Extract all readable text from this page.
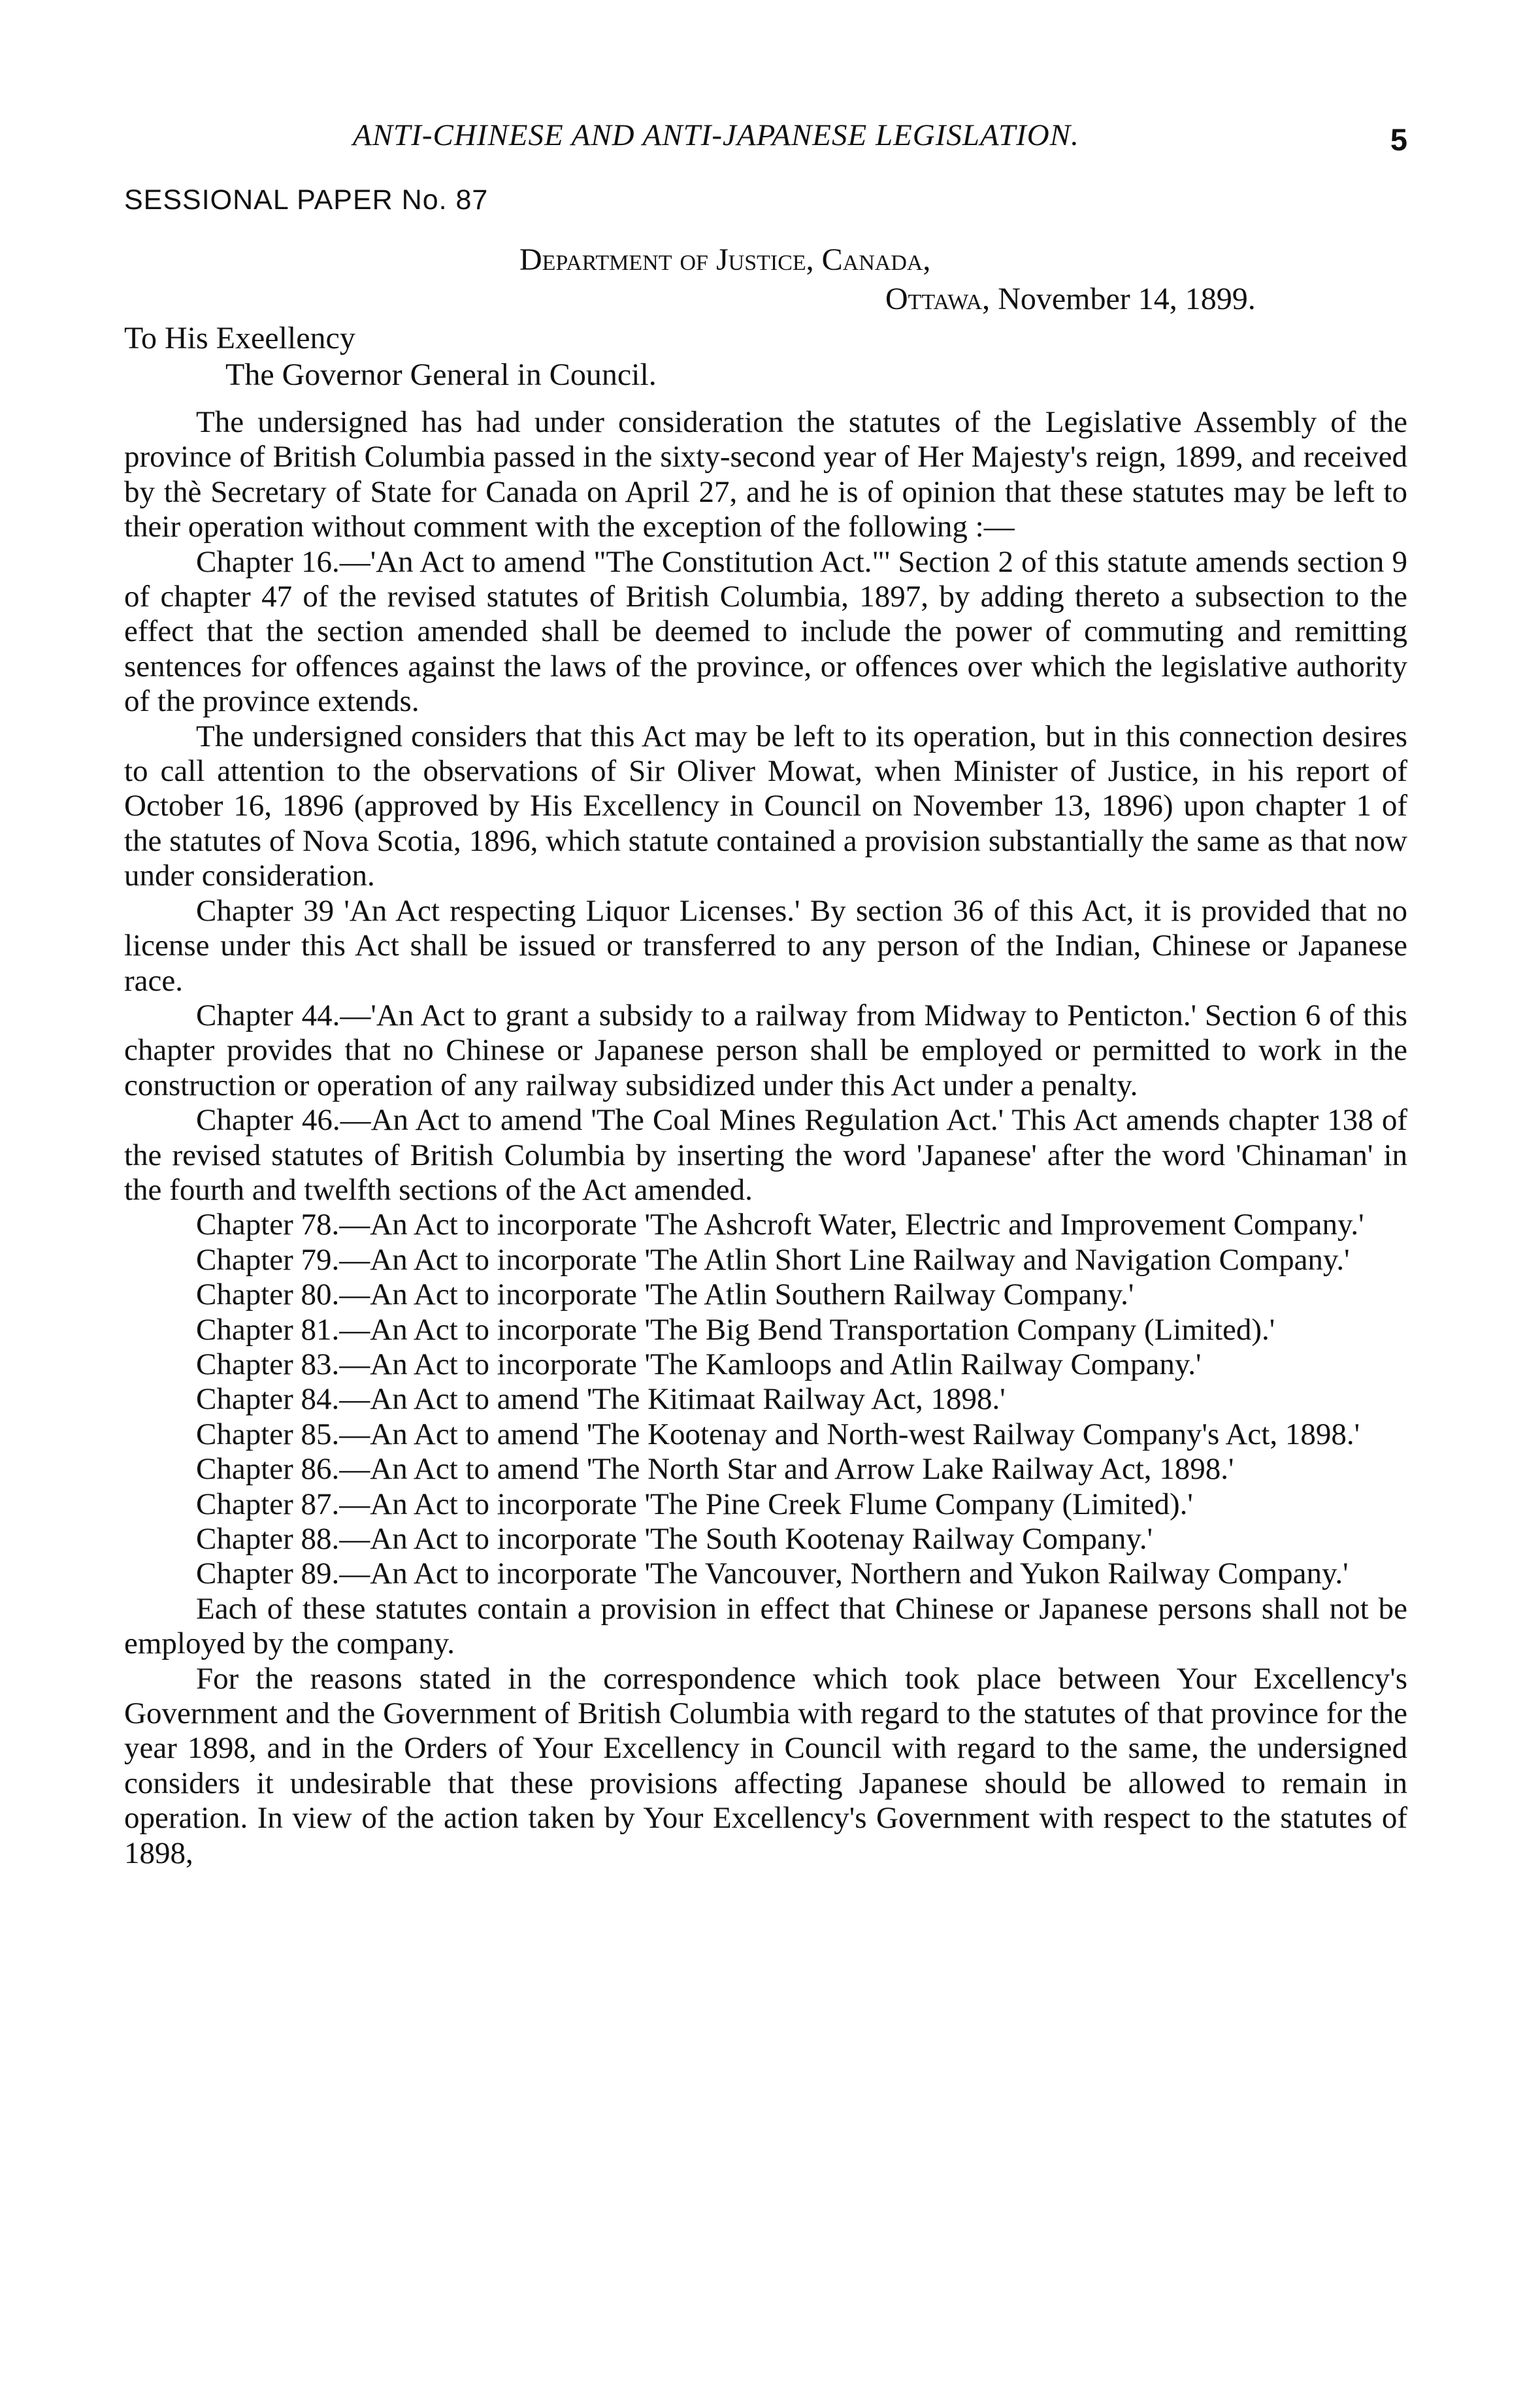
ANTI-CHINESE AND ANTI-JAPANESE LEGISLATION.	5
SESSIONAL PAPER No. 87
Department of Justice, Canada,
Ottawa, November 14, 1899.
To His Exeellency
The Governor General in Council.

The undersigned has had under consideration the statutes of the Legislative Assembly of the province of British Columbia passed in the sixty-second year of Her Majesty's reign, 1899, and received by thè Secretary of State for Canada on April 27, and he is of opinion that these statutes may be left to their operation without comment with the exception of the following :—

Chapter 16.—'An Act to amend "The Constitution Act."' Section 2 of this statute amends section 9 of chapter 47 of the revised statutes of British Columbia, 1897, by adding thereto a subsection to the effect that the section amended shall be deemed to include the power of commuting and remitting sentences for offences against the laws of the province, or offences over which the legislative authority of the province extends.

The undersigned considers that this Act may be left to its operation, but in this connection desires to call attention to the observations of Sir Oliver Mowat, when Minister of Justice, in his report of October 16, 1896 (approved by His Excellency in Council on November 13, 1896) upon chapter 1 of the statutes of Nova Scotia, 1896, which statute contained a provision substantially the same as that now under consideration.

Chapter 39 'An Act respecting Liquor Licenses.' By section 36 of this Act, it is provided that no license under this Act shall be issued or transferred to any person of the Indian, Chinese or Japanese race.

Chapter 44.—'An Act to grant a subsidy to a railway from Midway to Penticton.' Section 6 of this chapter provides that no Chinese or Japanese person shall be employed or permitted to work in the construction or operation of any railway subsidized under this Act under a penalty.

Chapter 46.—An Act to amend 'The Coal Mines Regulation Act.' This Act amends chapter 138 of the revised statutes of British Columbia by inserting the word 'Japanese' after the word 'Chinaman' in the fourth and twelfth sections of the Act amended.

Chapter 78.—An Act to incorporate 'The Ashcroft Water, Electric and Improvement Company.'

Chapter 79.—An Act to incorporate 'The Atlin Short Line Railway and Navigation Company.'

Chapter 80.—An Act to incorporate 'The Atlin Southern Railway Company.'

Chapter 81.—An Act to incorporate 'The Big Bend Transportation Company (Limited).'

Chapter 83.—An Act to incorporate 'The Kamloops and Atlin Railway Company.'

Chapter 84.—An Act to amend 'The Kitimaat Railway Act, 1898.'

Chapter 85.—An Act to amend 'The Kootenay and North-west Railway Company's Act, 1898.'

Chapter 86.—An Act to amend 'The North Star and Arrow Lake Railway Act, 1898.'

Chapter 87.—An Act to incorporate 'The Pine Creek Flume Company (Limited).'

Chapter 88.—An Act to incorporate 'The South Kootenay Railway Company.'

Chapter 89.—An Act to incorporate 'The Vancouver, Northern and Yukon Railway Company.'

Each of these statutes contain a provision in effect that Chinese or Japanese persons shall not be employed by the company.

For the reasons stated in the correspondence which took place between Your Excellency's Government and the Government of British Columbia with regard to the statutes of that province for the year 1898, and in the Orders of Your Excellency in Council with regard to the same, the undersigned considers it undesirable that these provisions affecting Japanese should be allowed to remain in operation. In view of the action taken by Your Excellency's Government with respect to the statutes of 1898,
